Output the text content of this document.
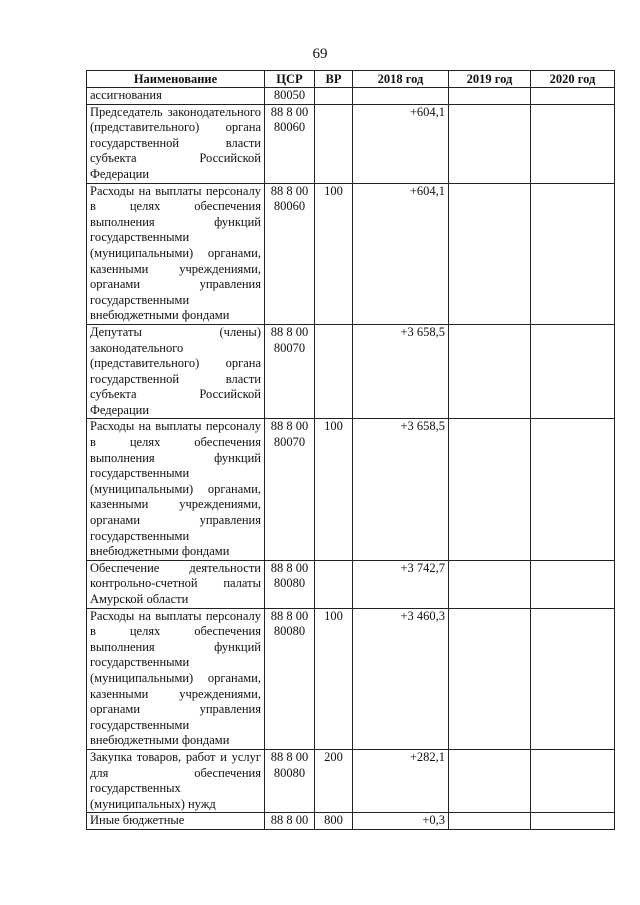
69
Наименование	ЦСР	ВР	2018 год	2019 год	2020 год
ассигнования	80050				
Председатель законодательного (представительного) органа государственной власти субъекта Российской Федерации	88 8 00 80060		+604,1		
Расходы на выплаты персоналу в целях обеспечения выполнения функций государственными (муниципальными) органами, казенными учреждениями, органами управления государственными внебюджетными фондами	88 8 00 80060	100	+604,1		
Депутаты (члены) законодательного (представительного) органа государственной власти субъекта Российской Федерации	88 8 00 80070		+3 658,5		
Расходы на выплаты персоналу в целях обеспечения выполнения функций государственными (муниципальными) органами, казенными учреждениями, органами управления государственными внебюджетными фондами	88 8 00 80070	100	+3 658,5		
Обеспечение деятельности контрольно-счетной палаты Амурской области	88 8 00 80080		+3 742,7		
Расходы на выплаты персоналу в целях обеспечения выполнения функций государственными (муниципальными) органами, казенными учреждениями, органами управления государственными внебюджетными фондами	88 8 00 80080	100	+3 460,3		
Закупка товаров, работ и услуг для обеспечения государственных (муниципальных) нужд	88 8 00 80080	200	+282,1		
Иные бюджетные	88 8 00	800	+0,3		
